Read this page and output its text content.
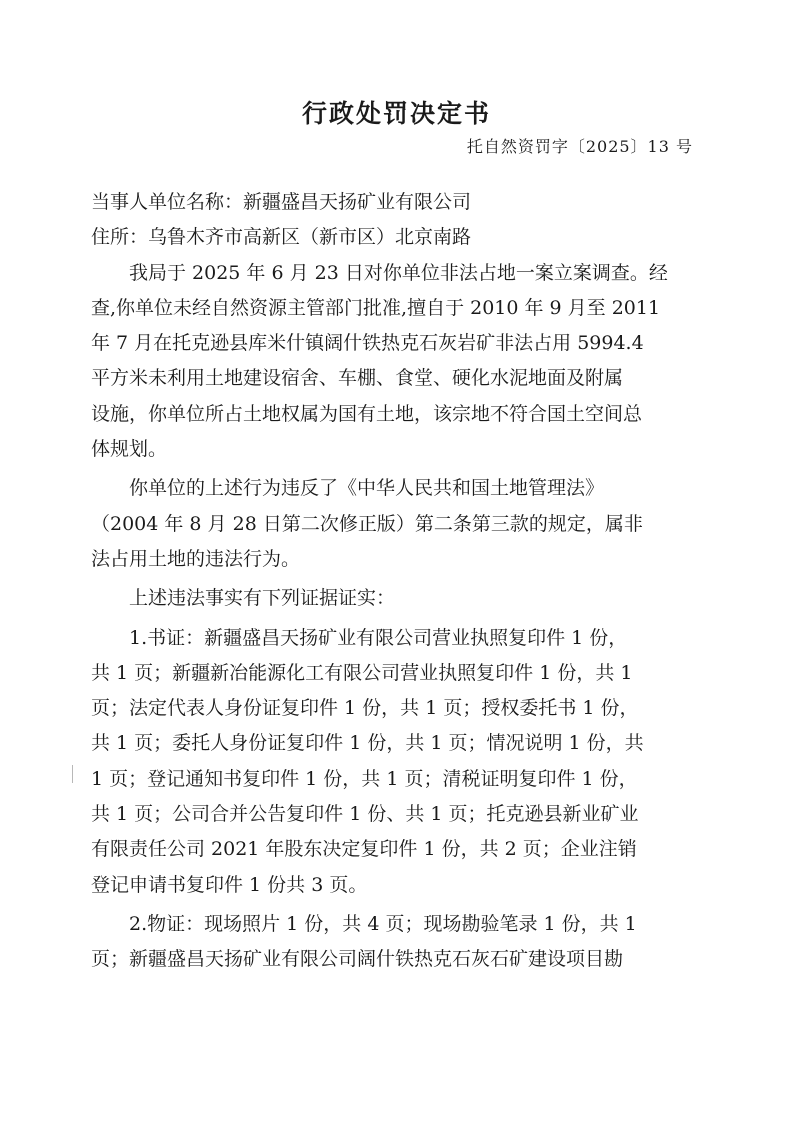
行政处罚决定书
托自然资罚字〔2025〕13 号

当事人单位名称：新疆盛昌天扬矿业有限公司

住所：乌鲁木齐市高新区（新市区）北京南路

　　我局于 2025 年 6 月 23 日对你单位非法占地一案立案调查。经

查,你单位未经自然资源主管部门批准,擅自于 2010 年 9 月至 2011

年 7 月在托克逊县库米什镇阔什铁热克石灰岩矿非法占用 5994.4

平方米未利用土地建设宿舍、车棚、食堂、硬化水泥地面及附属

设施，你单位所占土地权属为国有土地，该宗地不符合国土空间总

体规划。

　　你单位的上述行为违反了《中华人民共和国土地管理法》

（2004 年 8 月 28 日第二次修正版）第二条第三款的规定，属非

法占用土地的违法行为。

　　上述违法事实有下列证据证实：

　　1.书证：新疆盛昌天扬矿业有限公司营业执照复印件 1 份，

共 1 页；新疆新冶能源化工有限公司营业执照复印件 1 份，共 1

页；法定代表人身份证复印件 1 份，共 1 页；授权委托书 1 份，

共 1 页；委托人身份证复印件 1 份，共 1 页；情况说明 1 份，共

1 页；登记通知书复印件 1 份，共 1 页；清税证明复印件 1 份，

共 1 页；公司合并公告复印件 1 份、共 1 页；托克逊县新业矿业

有限责任公司 2021 年股东决定复印件 1 份，共 2 页；企业注销

登记申请书复印件 1 份共 3 页。

　　2.物证：现场照片 1 份，共 4 页；现场勘验笔录 1 份，共 1

页；新疆盛昌天扬矿业有限公司阔什铁热克石灰石矿建设项目勘
